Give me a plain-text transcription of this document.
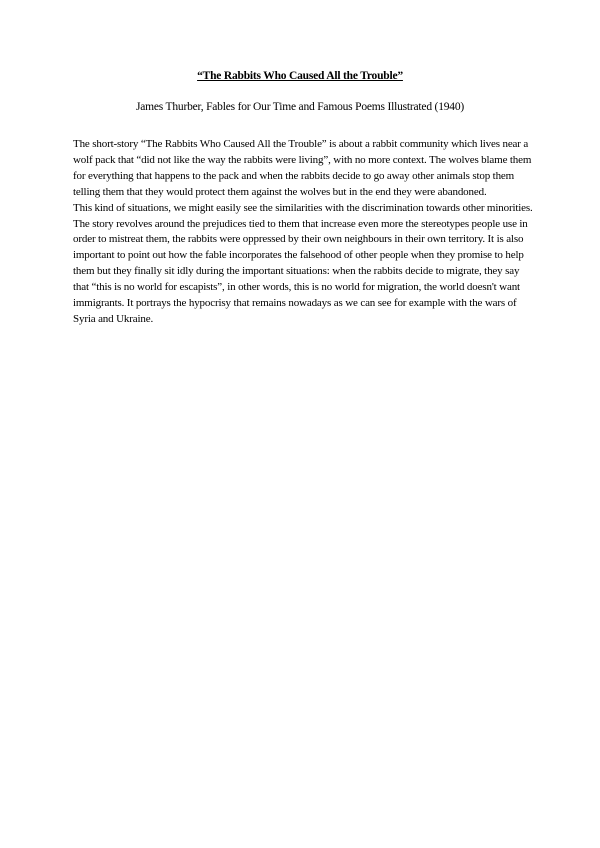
“The Rabbits Who Caused All the Trouble”
James Thurber, Fables for Our Time and Famous Poems Illustrated (1940)

The short-story “The Rabbits Who Caused All the Trouble” is about a rabbit community which lives near a wolf pack that “did not like the way the rabbits were living”, with no more context. The wolves blame them for everything that happens to the pack and when the rabbits decide to go away other animals stop them telling them that they would protect them against the wolves but in the end they were abandoned.

This kind of situations, we might easily see the similarities with the discrimination towards other minorities. The story revolves around the prejudices tied to them that increase even more the stereotypes people use in order to mistreat them, the rabbits were oppressed by their own neighbours in their own territory. It is also important to point out how the fable incorporates the falsehood of other people when they promise to help them but they finally sit idly during the important situations: when the rabbits decide to migrate, they say that “this is no world for escapists”, in other words, this is no world for migration, the world doesn't want immigrants. It portrays the hypocrisy that remains nowadays as we can see for example with the wars of Syria and Ukraine.
